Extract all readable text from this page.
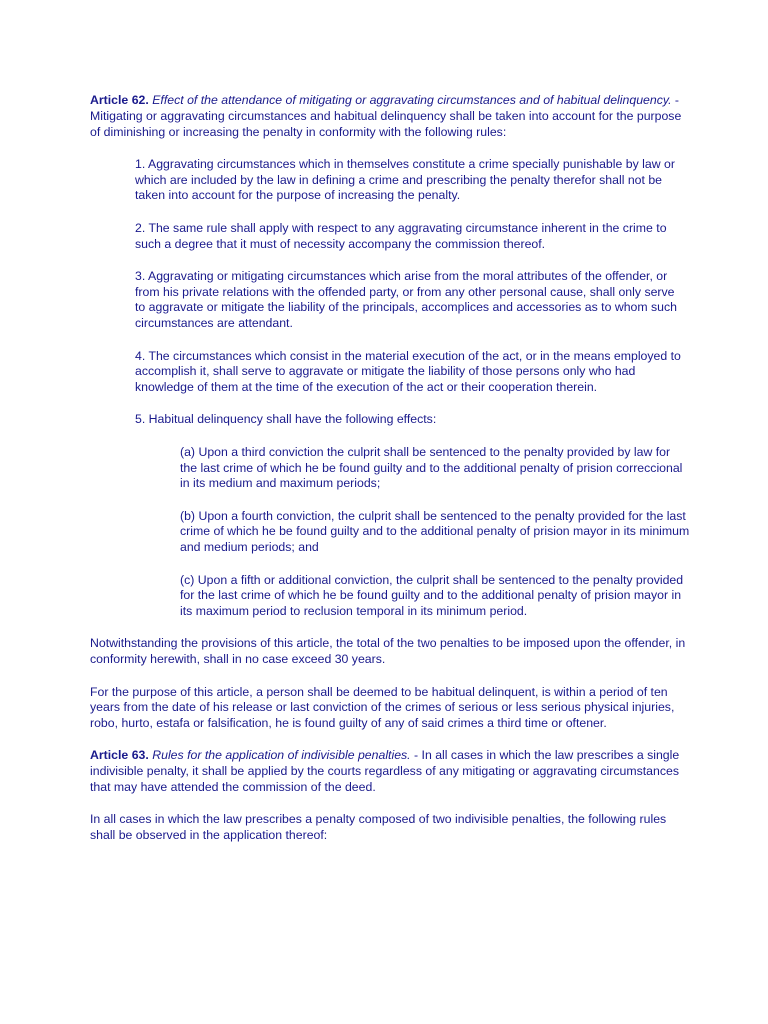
Article 62. Effect of the attendance of mitigating or aggravating circumstances and of habitual delinquency. - Mitigating or aggravating circumstances and habitual delinquency shall be taken into account for the purpose of diminishing or increasing the penalty in conformity with the following rules:

1. Aggravating circumstances which in themselves constitute a crime specially punishable by law or which are included by the law in defining a crime and prescribing the penalty therefor shall not be taken into account for the purpose of increasing the penalty.

2. The same rule shall apply with respect to any aggravating circumstance inherent in the crime to such a degree that it must of necessity accompany the commission thereof.

3. Aggravating or mitigating circumstances which arise from the moral attributes of the offender, or from his private relations with the offended party, or from any other personal cause, shall only serve to aggravate or mitigate the liability of the principals, accomplices and accessories as to whom such circumstances are attendant.

4. The circumstances which consist in the material execution of the act, or in the means employed to accomplish it, shall serve to aggravate or mitigate the liability of those persons only who had knowledge of them at the time of the execution of the act or their cooperation therein.

5. Habitual delinquency shall have the following effects:

(a) Upon a third conviction the culprit shall be sentenced to the penalty provided by law for the last crime of which he be found guilty and to the additional penalty of prision correccional in its medium and maximum periods;

(b) Upon a fourth conviction, the culprit shall be sentenced to the penalty provided for the last crime of which he be found guilty and to the additional penalty of prision mayor in its minimum and medium periods; and

(c) Upon a fifth or additional conviction, the culprit shall be sentenced to the penalty provided for the last crime of which he be found guilty and to the additional penalty of prision mayor in its maximum period to reclusion temporal in its minimum period.

Notwithstanding the provisions of this article, the total of the two penalties to be imposed upon the offender, in conformity herewith, shall in no case exceed 30 years.

For the purpose of this article, a person shall be deemed to be habitual delinquent, is within a period of ten years from the date of his release or last conviction of the crimes of serious or less serious physical injuries, robo, hurto, estafa or falsification, he is found guilty of any of said crimes a third time or oftener.

Article 63. Rules for the application of indivisible penalties. - In all cases in which the law prescribes a single indivisible penalty, it shall be applied by the courts regardless of any mitigating or aggravating circumstances that may have attended the commission of the deed.

In all cases in which the law prescribes a penalty composed of two indivisible penalties, the following rules shall be observed in the application thereof:
